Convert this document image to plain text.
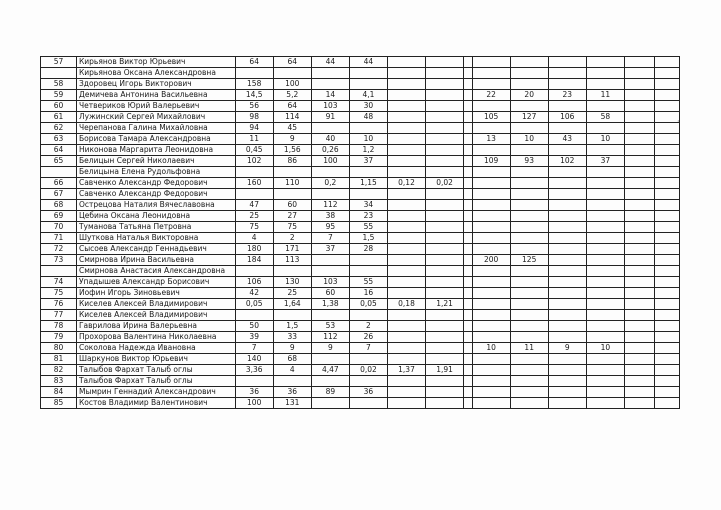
·
57	Кирьянов Виктор Юрьевич	64	64	44	44									
	Кирьянова Оксана Александровна													
58	Здоровец Игорь Викторович	158	100											
59	Демичева Антонина Васильевна	14,5	5,2	14	4,1				22	20	23	11		
60	Четвериков Юрий Валерьевич	56	64	103	30									
61	Лужинский Сергей Михайлович	98	114	91	48				105	127	106	58		
62	Черепанова Галина Михайловна	94	45											
63	Борисова Тамара Александровна	11	9	40	10				13	10	43	10		
64	Никонова Маргарита Леонидовна	0,45	1,56	0,26	1,2									
65	Белицын Сергей Николаевич	102	86	100	37				109	93	102	37		
	Белицына Елена Рудольфовна													
66	Савченко Александр Федорович	160	110	0,2	1,15	0,12	0,02							
67	Савченко Александр Федорович													
68	Острецова Наталия Вячеславовна	47	60	112	34									
69	Цебина Оксана Леонидовна	25	27	38	23									
70	Туманова Татьяна Петровна	75	75	95	55									
71	Шуткова Наталья Викторовна	4	2	7	1,5									
72	Сысоев Александр Геннадьевич	180	171	37	28									
73	Смирнова Ирина Васильевна	184	113						200	125				
	Смирнова Анастасия Александровна													
74	Упадышев Александр Борисович	106	130	103	55									
75	Иофин Игорь Зиновьевич	42	25	60	16									
76	Киселев Алексей Владимирович	0,05	1,64	1,38	0,05	0,18	1,21							
77	Киселев Алексей Владимирович													
78	Гаврилова Ирина Валерьевна	50	1,5	53	2									
79	Прохорова Валентина Николаевна	39	33	112	26									
80	Соколова Надежда Ивановна	7	9	9	7				10	11	9	10		
81	Шаркунов Виктор Юрьевич	140	68											
82	Талыбов Фархат Талыб оглы	3,36	4	4,47	0,02	1,37	1,91							
83	Талыбов Фархат Талыб оглы													
84	Мымрин Геннадий Александрович	36	36	89	36									
85	Костов Владимир Валентинович	100	131											
